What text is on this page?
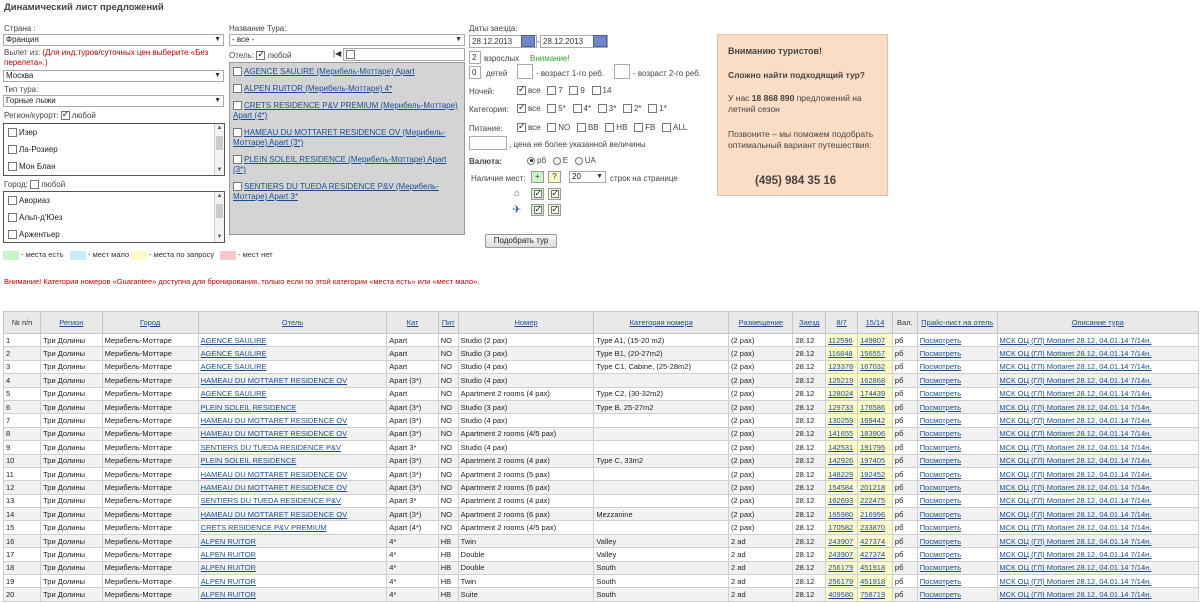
Динамический лист предложений
Страна :
Франция	▼
Вылет из: (Для инд.туров/суточных цен выберите «Без перелета».)
Москва	▼
Тип тура:
Горные лыжи	▼
Регион/курорт: ✓ любой
Изер
Ла-Розиер
Мон Блан
▲
▼
Город: любой
Авориаз
Альп-д'Юез
Аржентьер
▲
▼
Название Тура:
- все -	▼
Отель: ✓ любой	|◀
AGENCE SAULIRE (Мерибель-Моттаре) Apart
ALPEN RUITOR (Мерибель-Моттаре) 4*
CRETS RESIDENCE P&V PREMIUM (Мерибель-Моттаре) Apart (4*)
HAMEAU DU MOTTARET RESIDENCE OV (Мерибель-Моттаре) Apart (3*)
PLEIN SOLEIL RESIDENCE (Мерибель-Моттаре) Apart (3*)
SENTIERS DU TUEDA RESIDENCE P&V (Мерибель-Моттаре) Apart 3*
Даты заезда:
28.12.2013	- 28.12.2013
2 взрослых Внимание!
0	детей	- возраст 1-го реб.	- возраст 2-го реб.
Ночей: ✓	все 7 9 14
Категория: ✓	все 5* 4* 3* 2* 1*
Питание: ✓	все NO BB HB FB ALL
, цена не более указанной величины
Валюта:	рб Е UA
Наличие мест:	+	?	20 ▼ строк на странице
⌂
✓
✓
✈
✓
✓
Подобрать тур
Вниманию туристов!
Сложно найти подходящий тур?
У нас 18 868 890 предложений на летний сезон
Позвоните – мы поможем подобрать оптимальный вариант путешествия:
(495) 984 35 16
- места есть	- мест мало	- места по запросу	- мест нет
Внимание! Категория номеров «Guarantee» доступна для бронирования, только если по этой категории «места есть» или «мест мало».
№ п/п	Регион	Город	Отель	Кат	Пит	Номер	Категория номера	Размещение	Заезд	8/7	15/14	Вал.	Прайс-лист на отель	Описание тура
1	Три Долины	Мерибель-Моттаре	AGENCE SAULIRE	Apart	NO	Studio (2 pax)	Type A1, (15-20 m2)	(2 pax)	28.12	112596	149807	рб	Посмотреть	МСК ОЦ (ГЛ) Mottaret 28.12, 04.01.14 7/14н.
2	Три Долины	Мерибель-Моттаре	AGENCE SAULIRE	Apart	NO	Studio (3 pax)	Type B1, (20-27m2)	(2 pax)	28.12	116848	156557	рб	Посмотреть	МСК ОЦ (ГЛ) Mottaret 28.12, 04.01.14 7/14н.
3	Три Долины	Мерибель-Моттаре	AGENCE SAULIRE	Apart	NO	Studio (4 pax)	Type C1, Cabine, (25-28m2)	(2 pax)	28.12	123378	167032	рб	Посмотреть	МСК ОЦ (ГЛ) Mottaret 28.12, 04.01.14 7/14н.
4	Три Долины	Мерибель-Моттаре	HAMEAU DU MOTTARET RESIDENCE OV	Apart (3*)	NO	Studio (4 pax)		(2 pax)	28.12	125219	162868	рб	Посмотреть	МСК ОЦ (ГЛ) Mottaret 28.12, 04.01.14 7/14н.
5	Три Долины	Мерибель-Моттаре	AGENCE SAULIRE	Apart	NO	Apartment 2 rooms (4 pax)	Type C2, (30-32m2)	(2 pax)	28.12	128024	174439	рб	Посмотреть	МСК ОЦ (ГЛ) Mottaret 28.12, 04.01.14 7/14н.
6	Три Долины	Мерибель-Моттаре	PLEIN SOLEIL RESIDENCE	Apart (3*)	NO	Studio (3 pax)	Type B, 25-27m2	(2 pax)	28.12	129733	176586	рб	Посмотреть	МСК ОЦ (ГЛ) Mottaret 28.12, 04.01.14 7/14н.
7	Три Долины	Мерибель-Моттаре	HAMEAU DU MOTTARET RESIDENCE OV	Apart (3*)	NO	Studio (4 pax)		(2 pax)	28.12	130259	169442	рб	Посмотреть	МСК ОЦ (ГЛ) Mottaret 28.12, 04.01.14 7/14н.
8	Три Долины	Мерибель-Моттаре	HAMEAU DU MOTTARET RESIDENCE OV	Apart (3*)	NO	Apartment 2 rooms (4/5 pax)		(2 pax)	28.12	141655	183906	рб	Посмотреть	МСК ОЦ (ГЛ) Mottaret 28.12, 04.01.14 7/14н.
9	Три Долины	Мерибель-Моттаре	SENTIERS DU TUEDA RESIDENCE P&V	Apart 3*	NO	Studio (4 pax)		(2 pax)	28.12	142531	191795	рб	Посмотреть	МСК ОЦ (ГЛ) Mottaret 28.12, 04.01.14 7/14н.
10	Три Долины	Мерибель-Моттаре	PLEIN SOLEIL RESIDENCE	Apart (3*)	NO	Apartment 2 rooms (4 pax)	Type C, 33m2	(2 pax)	28.12	142926	197405	рб	Посмотреть	МСК ОЦ (ГЛ) Mottaret 28.12, 04.01.14 7/14н.
11	Три Долины	Мерибель-Моттаре	HAMEAU DU MOTTARET RESIDENCE OV	Apart (3*)	NO	Apartment 2 rooms (5 pax)		(2 pax)	28.12	148229	192452	рб	Посмотреть	МСК ОЦ (ГЛ) Mottaret 28.12, 04.01.14 7/14н.
12	Три Долины	Мерибель-Моттаре	HAMEAU DU MOTTARET RESIDENCE OV	Apart (3*)	NO	Apartment 2 rooms (6 pax)		(2 pax)	28.12	154584	201218	рб	Посмотреть	МСК ОЦ (ГЛ) Mottaret 28.12, 04.01.14 7/14н.
13	Три Долины	Мерибель-Моттаре	SENTIERS DU TUEDA RESIDENCE P&V	Apart 3*	NO	Apartment 2 rooms (4 pax)		(2 pax)	28.12	162693	222475	рб	Посмотреть	МСК ОЦ (ГЛ) Mottaret 28.12, 04.01.14 7/14н.
14	Три Долины	Мерибель-Моттаре	HAMEAU DU MOTTARET RESIDENCE OV	Apart (3*)	NO	Apartment 2 rooms (6 pax)	Mezzanine	(2 pax)	28.12	165980	216996	рб	Посмотреть	МСК ОЦ (ГЛ) Mottaret 28.12, 04.01.14 7/14н.
15	Три Долины	Мерибель-Моттаре	CRETS RESIDENCE P&V PREMIUM	Apart (4*)	NO	Apartment 2 rooms (4/5 pax)		(2 pax)	28.12	170582	233870	рб	Посмотреть	МСК ОЦ (ГЛ) Mottaret 28.12, 04.01.14 7/14н.
16	Три Долины	Мерибель-Моттаре	ALPEN RUITOR	4*	HB	Twin	Valley	2 ad	28.12	243907	427374	рб	Посмотреть	МСК ОЦ (ГЛ) Mottaret 28.12, 04.01.14 7/14н.
17	Три Долины	Мерибель-Моттаре	ALPEN RUITOR	4*	HB	Double	Valley	2 ad	28.12	243907	427374	рб	Посмотреть	МСК ОЦ (ГЛ) Mottaret 28.12, 04.01.14 7/14н.
18	Три Долины	Мерибель-Моттаре	ALPEN RUITOR	4*	HB	Double	South	2 ad	28.12	256179	451918	рб	Посмотреть	МСК ОЦ (ГЛ) Mottaret 28.12, 04.01.14 7/14н.
19	Три Долины	Мерибель-Моттаре	ALPEN RUITOR	4*	HB	Twin	South	2 ad	28.12	256179	451918	рб	Посмотреть	МСК ОЦ (ГЛ) Mottaret 28.12, 04.01.14 7/14н.
20	Три Долины	Мерибель-Моттаре	ALPEN RUITOR	4*	HB	Suite	South	2 ad	28.12	409580	758719	рб	Посмотреть	МСК ОЦ (ГЛ) Mottaret 28.12, 04.01.14 7/14н.
